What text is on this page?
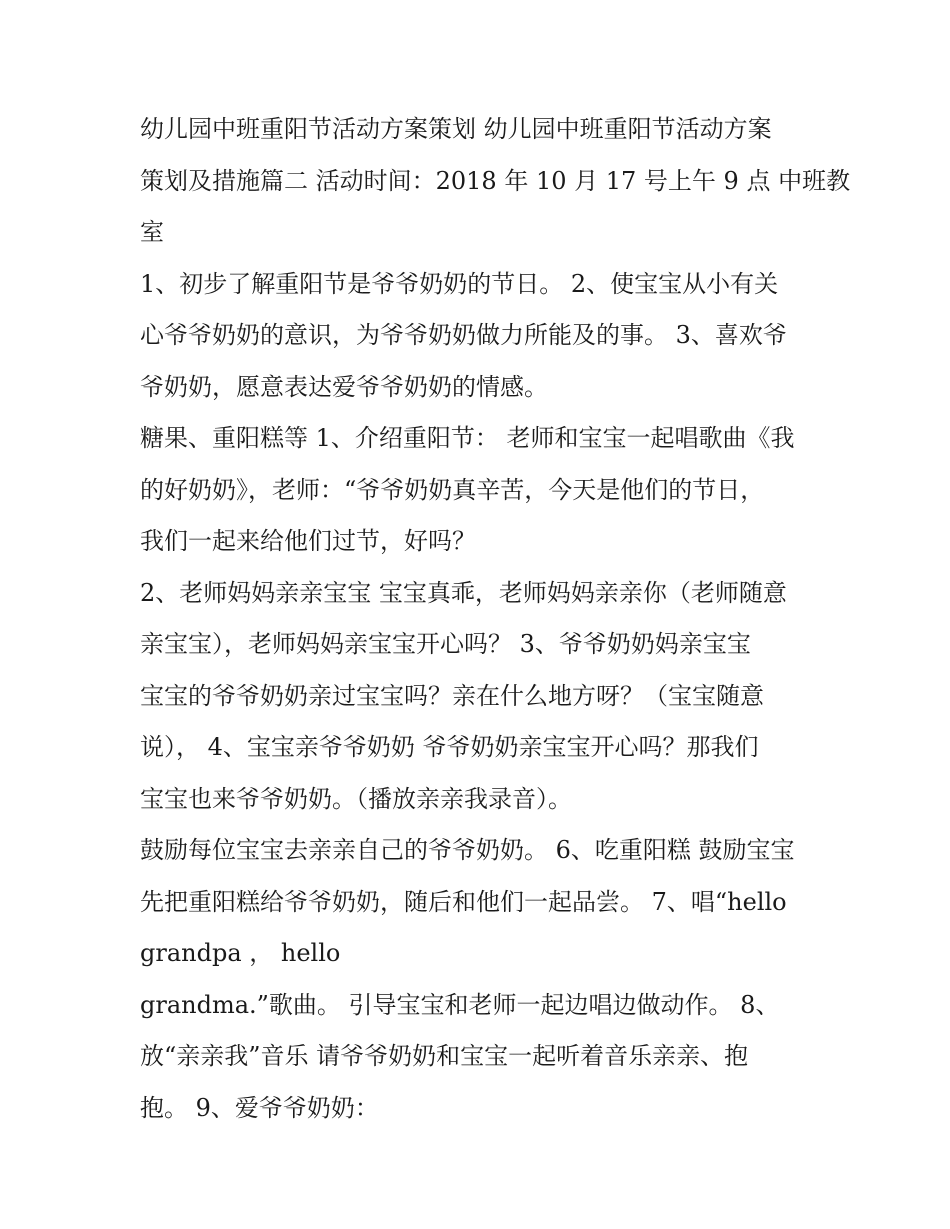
幼儿园中班重阳节活动方案策划 幼儿园中班重阳节活动方案
策划及措施篇二 活动时间：2018 年 10 月 17 号上午 9 点 中班教
室
1、初步了解重阳节是爷爷奶奶的节日。 2、使宝宝从小有关
心爷爷奶奶的意识，为爷爷奶奶做力所能及的事。 3、喜欢爷
爷奶奶，愿意表达爱爷爷奶奶的情感。
糖果、重阳糕等 1、介绍重阳节： 老师和宝宝一起唱歌曲《我
的好奶奶》，老师：“爷爷奶奶真辛苦，今天是他们的节日，
我们一起来给他们过节，好吗？
2、老师妈妈亲亲宝宝 宝宝真乖，老师妈妈亲亲你（老师随意
亲宝宝），老师妈妈亲宝宝开心吗？ 3、爷爷奶奶妈亲宝宝
宝宝的爷爷奶奶亲过宝宝吗？亲在什么地方呀？（宝宝随意
说）， 4、宝宝亲爷爷奶奶 爷爷奶奶亲宝宝开心吗？那我们
宝宝也来爷爷奶奶。（播放亲亲我录音）。
鼓励每位宝宝去亲亲自己的爷爷奶奶。 6、吃重阳糕 鼓励宝宝
先把重阳糕给爷爷奶奶，随后和他们一起品尝。 7、唱“hello
grandpa ， hello
grandma.”歌曲。 引导宝宝和老师一起边唱边做动作。 8、
放“亲亲我”音乐 请爷爷奶奶和宝宝一起听着音乐亲亲、抱
抱。 9、爱爷爷奶奶：
